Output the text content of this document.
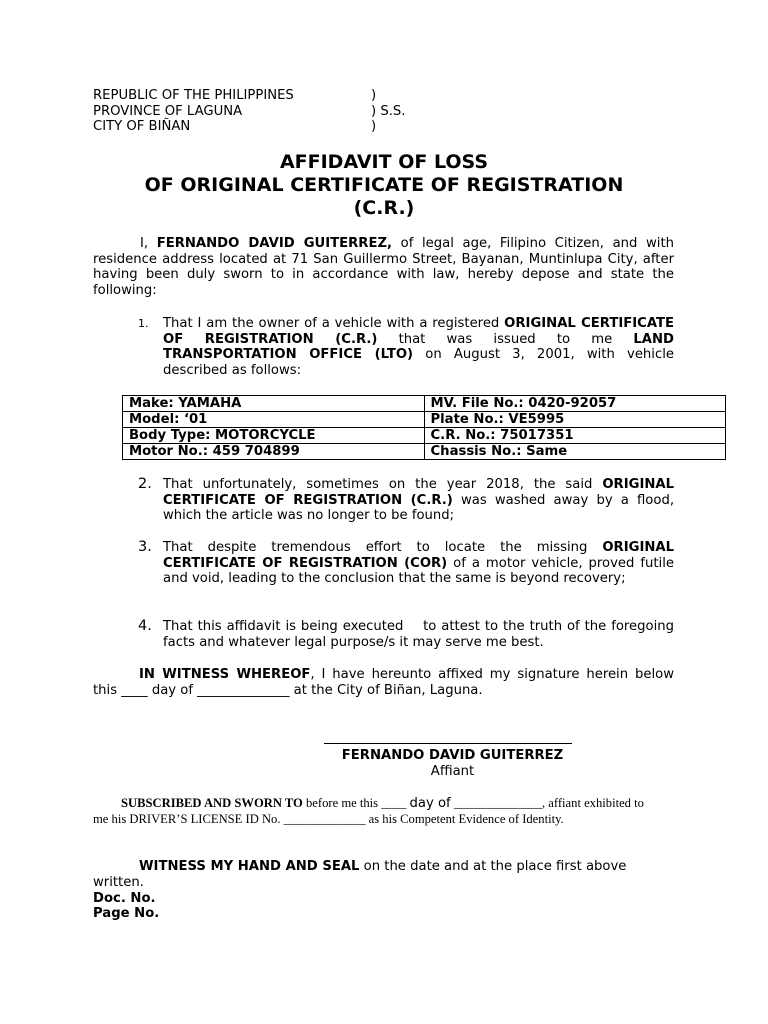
REPUBLIC OF THE PHILIPPINES	)
PROVINCE OF LAGUNA	) S.S.
CITY OF BIÑAN	)
AFFIDAVIT OF LOSS
OF ORIGINAL CERTIFICATE OF REGISTRATION
(C.R.)
I, FERNANDO DAVID GUITERREZ, of legal age, Filipino Citizen, and with residence address located at 71 San Guillermo Street, Bayanan, Muntinlupa City, after having been duly sworn to in accordance with law, hereby depose and state the following:
1.	That I am the owner of a vehicle with a registered ORIGINAL CERTIFICATE OF REGISTRATION (C.R.) that was issued to me LAND TRANSPORTATION OFFICE (LTO) on August 3, 2001, with vehicle described as follows:
Make: YAMAHA	MV. File No.: 0420-92057
Model: ‘01	Plate No.: VE5995
Body Type: MOTORCYCLE	C.R. No.: 75017351
Motor No.: 459 704899	Chassis No.: Same
2. That unfortunately, sometimes on the year 2018, the said ORIGINAL CERTIFICATE OF REGISTRATION (C.R.) was washed away by a flood, which the article was no longer to be found;
3. That despite tremendous effort to locate the missing ORIGINAL CERTIFICATE OF REGISTRATION (COR) of a motor vehicle, proved futile and void, leading to the conclusion that the same is beyond recovery;
4. That this affidavit is being executed    to attest to the truth of the foregoing facts and whatever legal purpose/s it may serve me best.
IN WITNESS WHEREOF, I have hereunto affixed my signature herein below this ____ day of ______________ at the City of Biñan, Laguna.
FERNANDO DAVID GUITERREZ
Affiant
SUBSCRIBED AND SWORN TO before me this ____ day of ______________, affiant exhibited to me his DRIVER’S LICENSE ID No. _____________ as his Competent Evidence of Identity.
WITNESS MY HAND AND SEAL on the date and at the place first above written.
Doc. No.
Page No.
